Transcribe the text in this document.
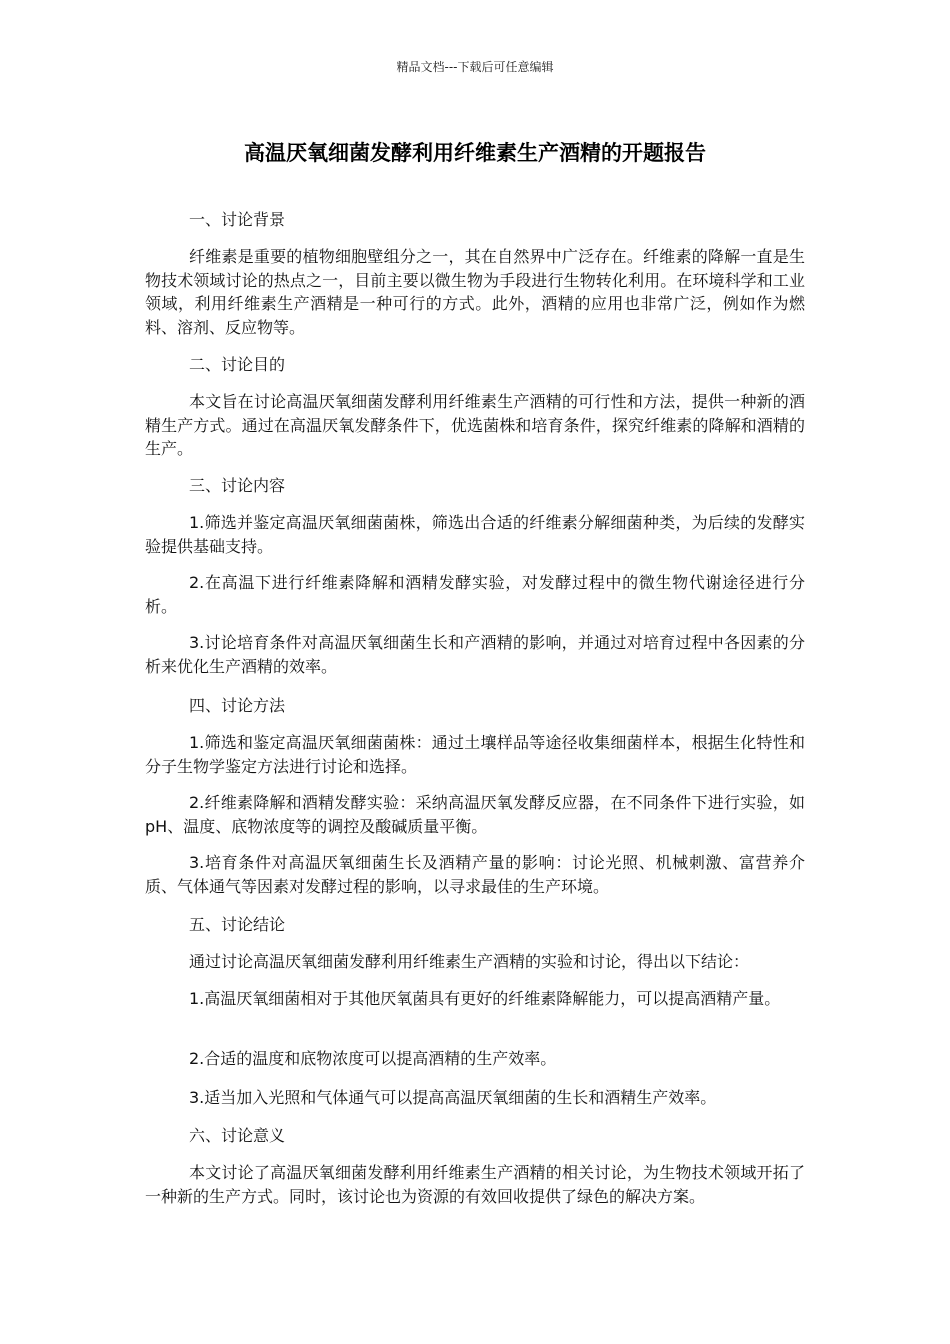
精品文档---下载后可任意编辑
高温厌氧细菌发酵利用纤维素生产酒精的开题报告

一、讨论背景

纤维素是重要的植物细胞壁组分之一，其在自然界中广泛存在。纤维素的降解一直是生物技术领域讨论的热点之一，目前主要以微生物为手段进行生物转化利用。在环境科学和工业领域，利用纤维素生产酒精是一种可行的方式。此外，酒精的应用也非常广泛，例如作为燃料、溶剂、反应物等。

二、讨论目的

本文旨在讨论高温厌氧细菌发酵利用纤维素生产酒精的可行性和方法，提供一种新的酒精生产方式。通过在高温厌氧发酵条件下，优选菌株和培育条件，探究纤维素的降解和酒精的生产。

三、讨论内容

1.筛选并鉴定高温厌氧细菌菌株，筛选出合适的纤维素分解细菌种类，为后续的发酵实验提供基础支持。

2.在高温下进行纤维素降解和酒精发酵实验，对发酵过程中的微生物代谢途径进行分析。

3.讨论培育条件对高温厌氧细菌生长和产酒精的影响，并通过对培育过程中各因素的分析来优化生产酒精的效率。

四、讨论方法

1.筛选和鉴定高温厌氧细菌菌株：通过土壤样品等途径收集细菌样本，根据生化特性和分子生物学鉴定方法进行讨论和选择。

2.纤维素降解和酒精发酵实验：采纳高温厌氧发酵反应器，在不同条件下进行实验，如 pH、温度、底物浓度等的调控及酸碱质量平衡。

3.培育条件对高温厌氧细菌生长及酒精产量的影响：讨论光照、机械刺激、富营养介质、气体通气等因素对发酵过程的影响，以寻求最佳的生产环境。

五、讨论结论

通过讨论高温厌氧细菌发酵利用纤维素生产酒精的实验和讨论，得出以下结论：

1.高温厌氧细菌相对于其他厌氧菌具有更好的纤维素降解能力，可以提高酒精产量。

2.合适的温度和底物浓度可以提高酒精的生产效率。

3.适当加入光照和气体通气可以提高高温厌氧细菌的生长和酒精生产效率。

六、讨论意义

本文讨论了高温厌氧细菌发酵利用纤维素生产酒精的相关讨论，为生物技术领域开拓了一种新的生产方式。同时，该讨论也为资源的有效回收提供了绿色的解决方案。
